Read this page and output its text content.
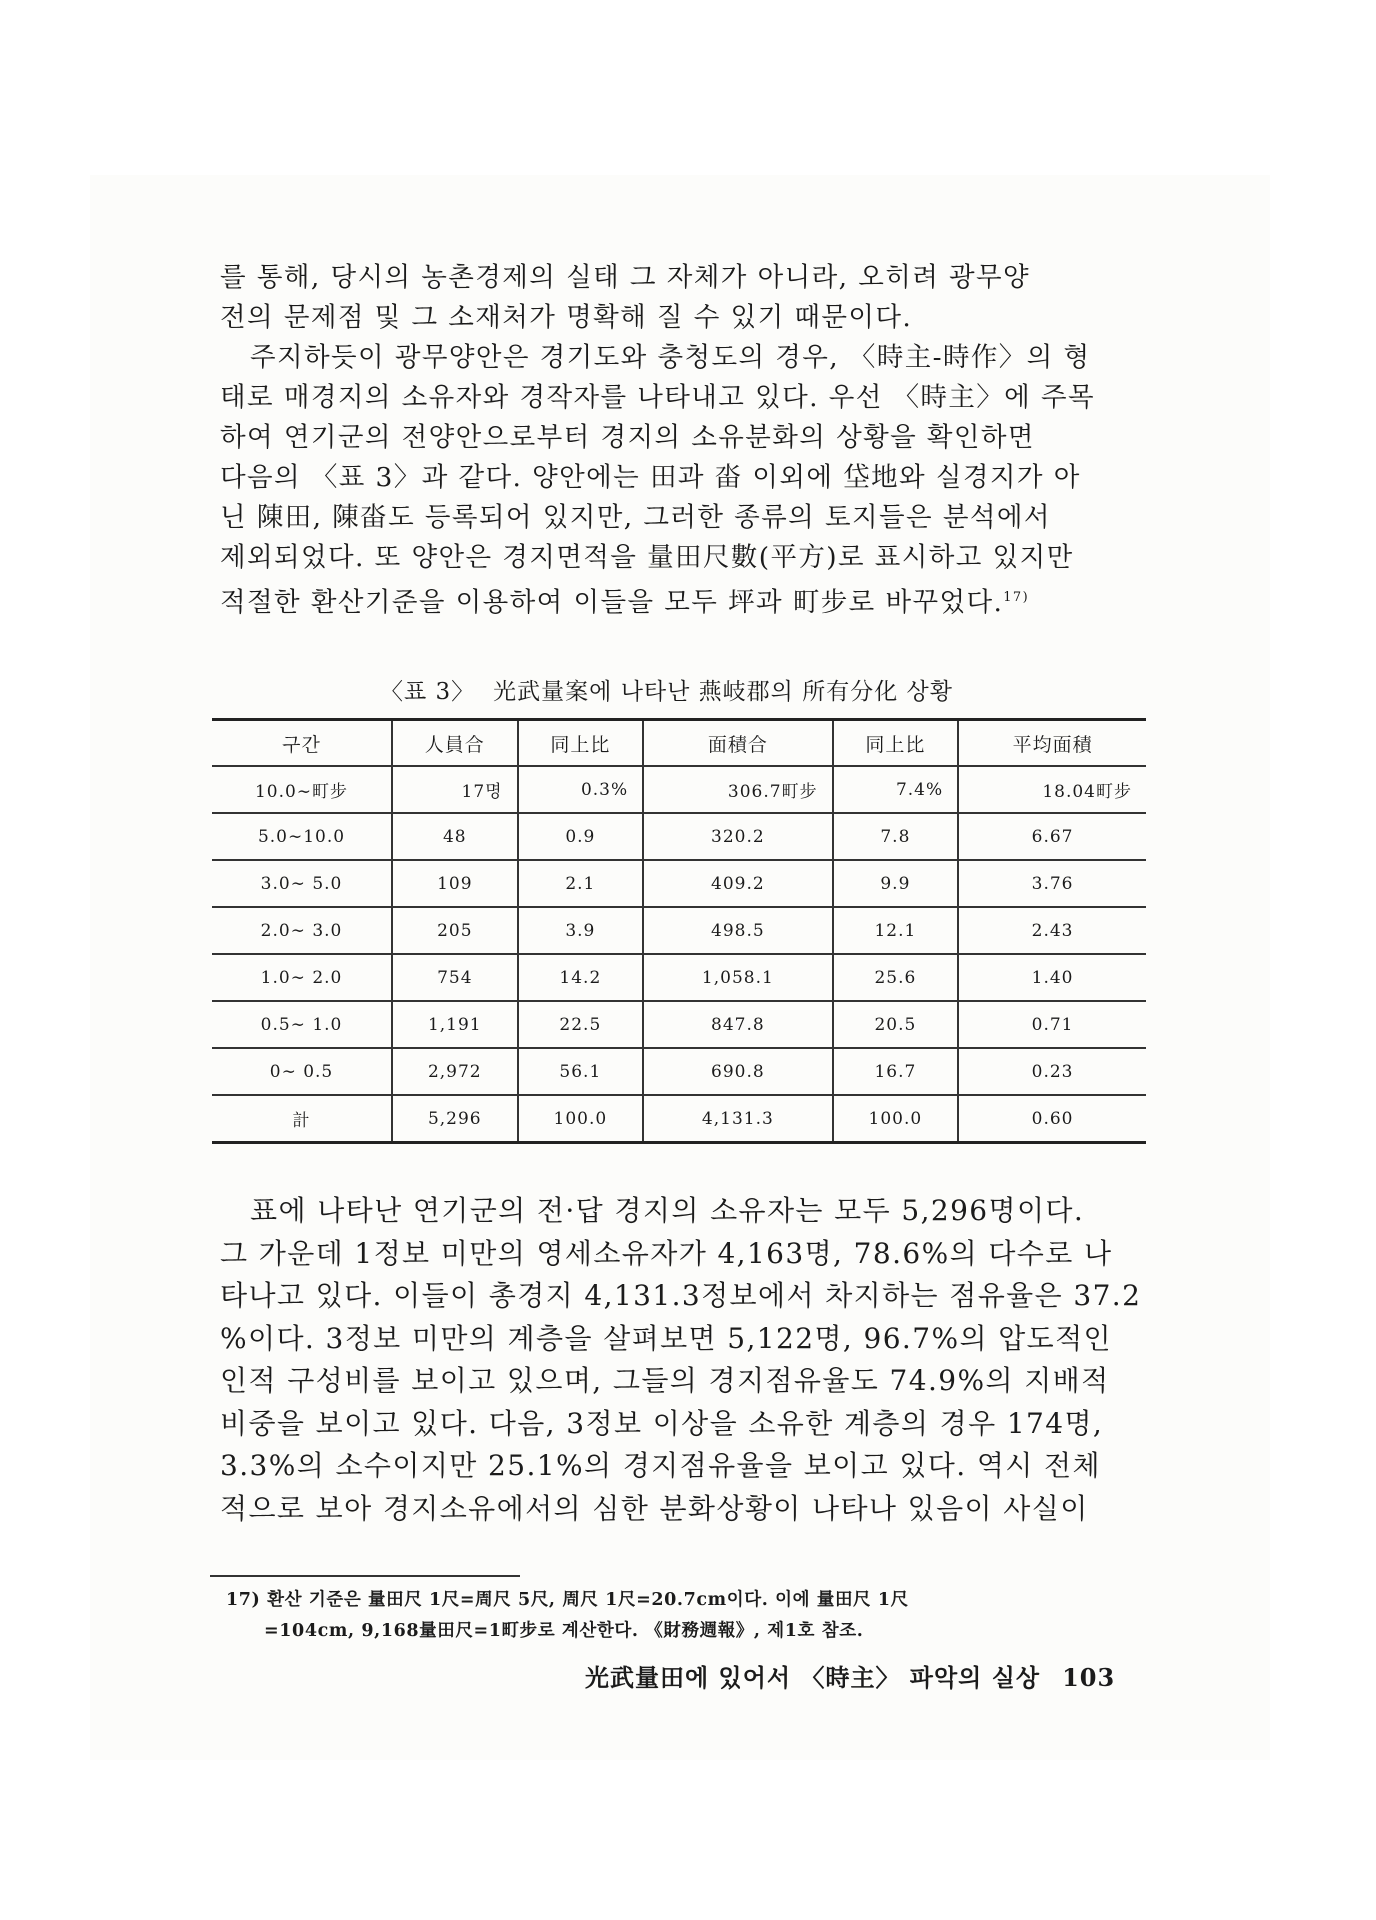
를 통해, 당시의 농촌경제의 실태 그 자체가 아니라, 오히려 광무양
전의 문제점 및 그 소재처가 명확해 질 수 있기 때문이다.
주지하듯이 광무양안은 경기도와 충청도의 경우, 〈時主-時作〉의 형
태로 매경지의 소유자와 경작자를 나타내고 있다. 우선 〈時主〉에 주목
하여 연기군의 전양안으로부터 경지의 소유분화의 상황을 확인하면
다음의 〈표 3〉과 같다. 양안에는 田과 畓 이외에 垈地와 실경지가 아
닌 陳田, 陳畓도 등록되어 있지만, 그러한 종류의 토지들은 분석에서
제외되었다. 또 양안은 경지면적을 量田尺數(平方)로 표시하고 있지만
적절한 환산기준을 이용하여 이들을 모두 坪과 町步로 바꾸었다.$^{17)}$
〈표 3〉 光武量案에 나타난 燕岐郡의 所有分化 상황
구간	人員合	同上比	面積合	同上比	平均面積
10.0∼町步	17명	0.3%	306.7町步	7.4%	18.04町步
5.0∼10.0	48	0.9	320.2	7.8	6.67
3.0∼ 5.0	109	2.1	409.2	9.9	3.76
2.0∼ 3.0	205	3.9	498.5	12.1	2.43
1.0∼ 2.0	754	14.2	1,058.1	25.6	1.40
0.5∼ 1.0	1,191	22.5	847.8	20.5	0.71
0∼ 0.5	2,972	56.1	690.8	16.7	0.23
計	5,296	100.0	4,131.3	100.0	0.60
표에 나타난 연기군의 전·답 경지의 소유자는 모두 5,296명이다.
그 가운데 1정보 미만의 영세소유자가 4,163명, 78.6%의 다수로 나
타나고 있다. 이들이 총경지 4,131.3정보에서 차지하는 점유율은 37.2
%이다. 3정보 미만의 계층을 살펴보면 5,122명, 96.7%의 압도적인
인적 구성비를 보이고 있으며, 그들의 경지점유율도 74.9%의 지배적
비중을 보이고 있다. 다음, 3정보 이상을 소유한 계층의 경우 174명,
3.3%의 소수이지만 25.1%의 경지점유율을 보이고 있다. 역시 전체
적으로 보아 경지소유에서의 심한 분화상황이 나타나 있음이 사실이
17) 환산 기준은 量田尺 1尺=周尺 5尺, 周尺 1尺=20.7cm이다. 이에 量田尺 1尺
=104cm, 9,168量田尺=1町步로 계산한다. 《財務週報》, 제1호 참조.
光武量田에 있어서 〈時主〉 파악의 실상 103
